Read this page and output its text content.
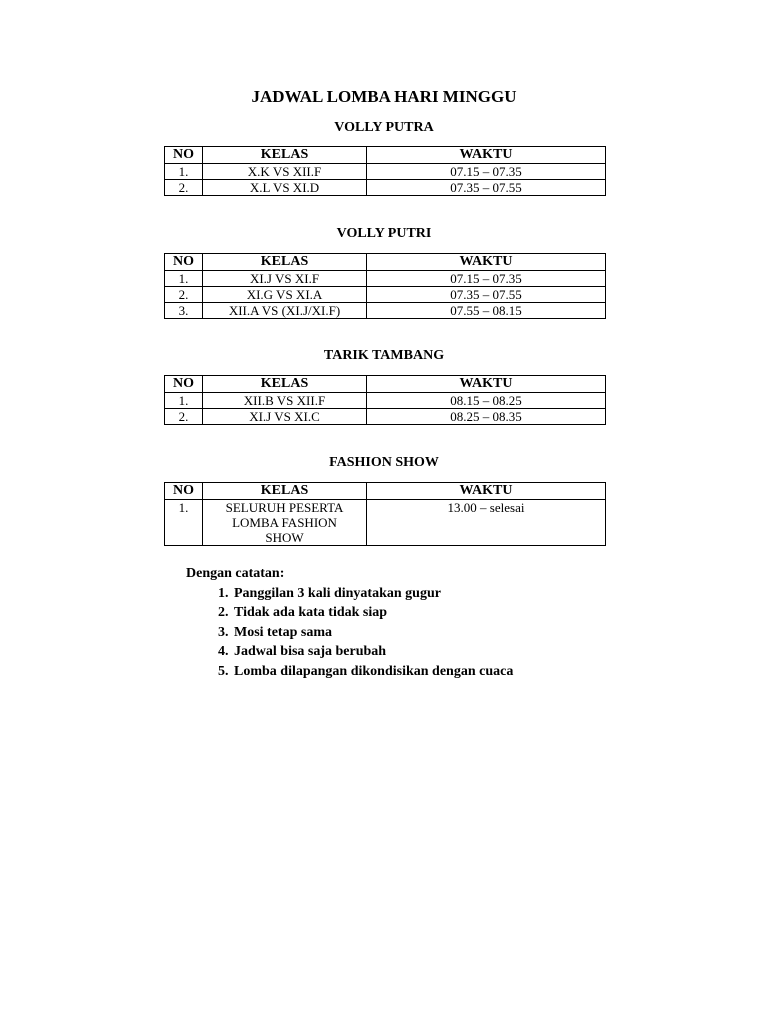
JADWAL LOMBA HARI MINGGU
VOLLY PUTRA
NO	KELAS	WAKTU
1.	X.K VS XII.F	07.15 – 07.35
2.	X.L VS XI.D	07.35 – 07.55
VOLLY PUTRI
NO	KELAS	WAKTU
1.	XI.J VS XI.F	07.15 – 07.35
2.	XI.G VS XI.A	07.35 – 07.55
3.	XII.A VS (XI.J/XI.F)	07.55 – 08.15
TARIK TAMBANG
NO	KELAS	WAKTU
1.	XII.B VS XII.F	08.15 – 08.25
2.	XI.J VS XI.C	08.25 – 08.35
FASHION SHOW
NO	KELAS	WAKTU
1.	SELURUH PESERTA LOMBA FASHION SHOW	13.00 – selesai
Dengan catatan:
1. Panggilan 3 kali dinyatakan gugur
2. Tidak ada kata tidak siap
3. Mosi tetap sama
4. Jadwal bisa saja berubah
5. Lomba dilapangan dikondisikan dengan cuaca
